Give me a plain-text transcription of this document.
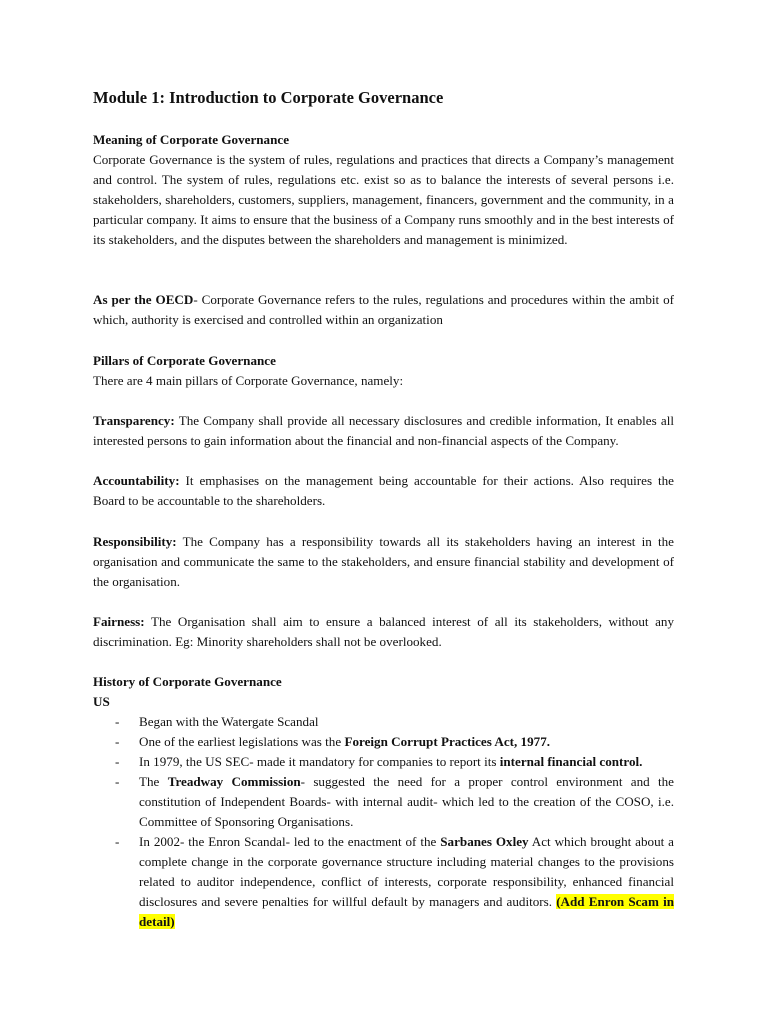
Module 1: Introduction to Corporate Governance
Meaning of Corporate Governance
Corporate Governance is the system of rules, regulations and practices that directs a Company’s management and control. The system of rules, regulations etc. exist so as to balance the interests of several persons i.e. stakeholders, shareholders, customers, suppliers, management, financers, government and the community, in a particular company. It aims to ensure that the business of a Company runs smoothly and in the best interests of its stakeholders, and the disputes between the shareholders and management is minimized.
As per the OECD- Corporate Governance refers to the rules, regulations and procedures within the ambit of which, authority is exercised and controlled within an organization
Pillars of Corporate Governance
There are 4 main pillars of Corporate Governance, namely:
Transparency: The Company shall provide all necessary disclosures and credible information, It enables all interested persons to gain information about the financial and non-financial aspects of the Company.
Accountability: It emphasises on the management being accountable for their actions. Also requires the Board to be accountable to the shareholders.
Responsibility: The Company has a responsibility towards all its stakeholders having an interest in the organisation and communicate the same to the stakeholders, and ensure financial stability and development of the organisation.
Fairness: The Organisation shall aim to ensure a balanced interest of all its stakeholders, without any discrimination. Eg: Minority shareholders shall not be overlooked.
History of Corporate Governance
US
- Began with the Watergate Scandal
- One of the earliest legislations was the Foreign Corrupt Practices Act, 1977.
- In 1979, the US SEC- made it mandatory for companies to report its internal financial control.
- The Treadway Commission- suggested the need for a proper control environment and the constitution of Independent Boards- with internal audit- which led to the creation of the COSO, i.e. Committee of Sponsoring Organisations.
- In 2002- the Enron Scandal- led to the enactment of the Sarbanes Oxley Act which brought about a complete change in the corporate governance structure including material changes to the provisions related to auditor independence, conflict of interests, corporate responsibility, enhanced financial disclosures and severe penalties for willful default by managers and auditors. (Add Enron Scam in detail)
